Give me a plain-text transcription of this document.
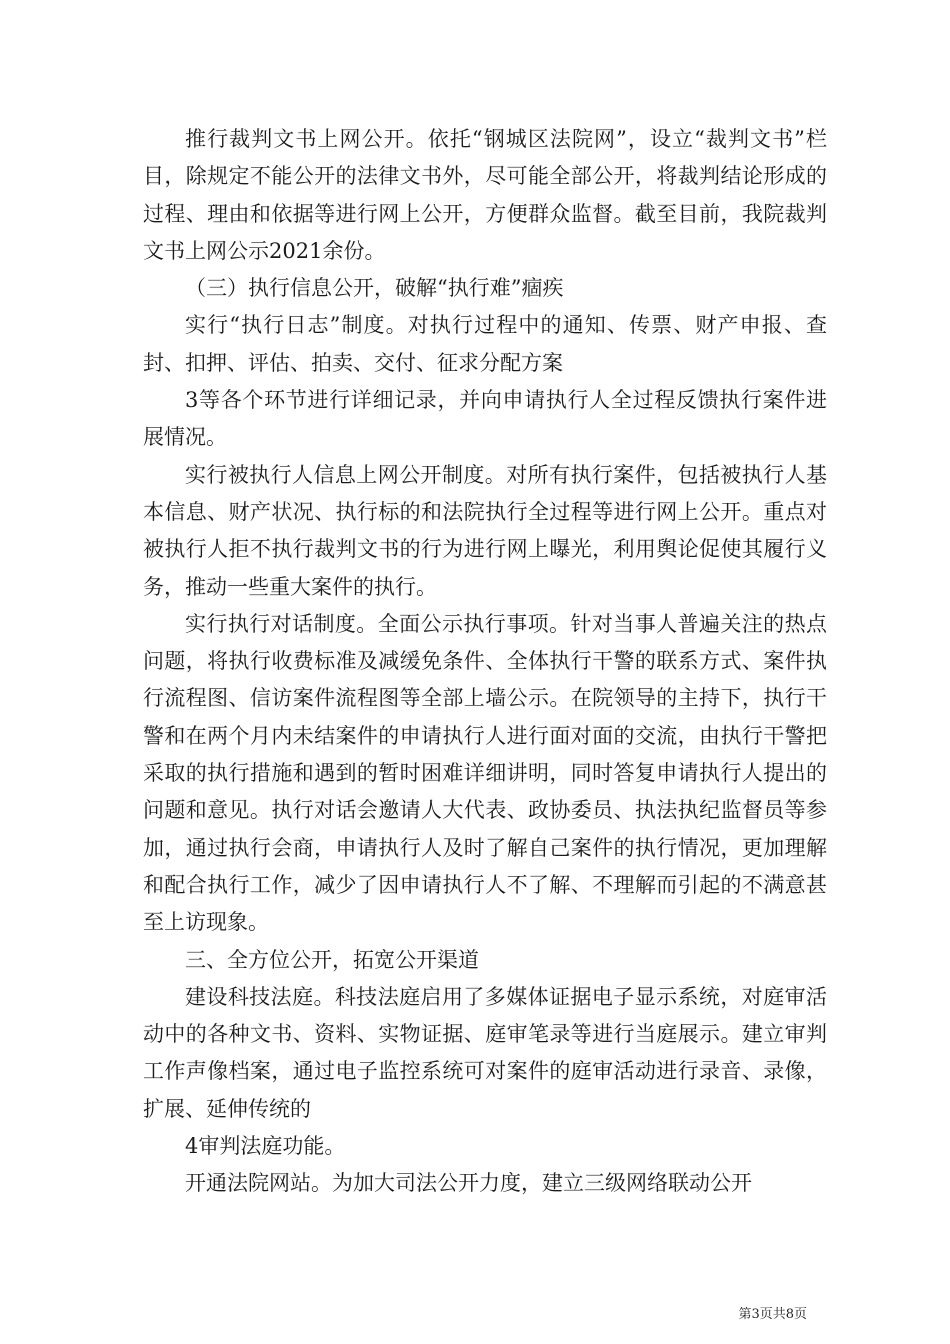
推行裁判文书上网公开。依托“钢城区法院网”，设立“裁判文书”栏目，除规定不能公开的法律文书外，尽可能全部公开，将裁判结论形成的过程、理由和依据等进行网上公开，方便群众监督。截至目前，我院裁判文书上网公示2021余份。

（三）执行信息公开，破解“执行难”痼疾

实行“执行日志”制度。对执行过程中的通知、传票、财产申报、查封、扣押、评估、拍卖、交付、征求分配方案

3等各个环节进行详细记录，并向申请执行人全过程反馈执行案件进展情况。

实行被执行人信息上网公开制度。对所有执行案件，包括被执行人基本信息、财产状况、执行标的和法院执行全过程等进行网上公开。重点对被执行人拒不执行裁判文书的行为进行网上曝光，利用舆论促使其履行义务，推动一些重大案件的执行。

实行执行对话制度。全面公示执行事项。针对当事人普遍关注的热点问题，将执行收费标准及减缓免条件、全体执行干警的联系方式、案件执行流程图、信访案件流程图等全部上墙公示。在院领导的主持下，执行干警和在两个月内未结案件的申请执行人进行面对面的交流，由执行干警把采取的执行措施和遇到的暂时困难详细讲明，同时答复申请执行人提出的问题和意见。执行对话会邀请人大代表、政协委员、执法执纪监督员等参加，通过执行会商，申请执行人及时了解自己案件的执行情况，更加理解和配合执行工作，减少了因申请执行人不了解、不理解而引起的不满意甚至上访现象。

三、全方位公开，拓宽公开渠道

建设科技法庭。科技法庭启用了多媒体证据电子显示系统，对庭审活动中的各种文书、资料、实物证据、庭审笔录等进行当庭展示。建立审判工作声像档案，通过电子监控系统可对案件的庭审活动进行录音、录像，扩展、延伸传统的

4审判法庭功能。

开通法院网站。为加大司法公开力度，建立三级网络联动公开

第3页共8页
